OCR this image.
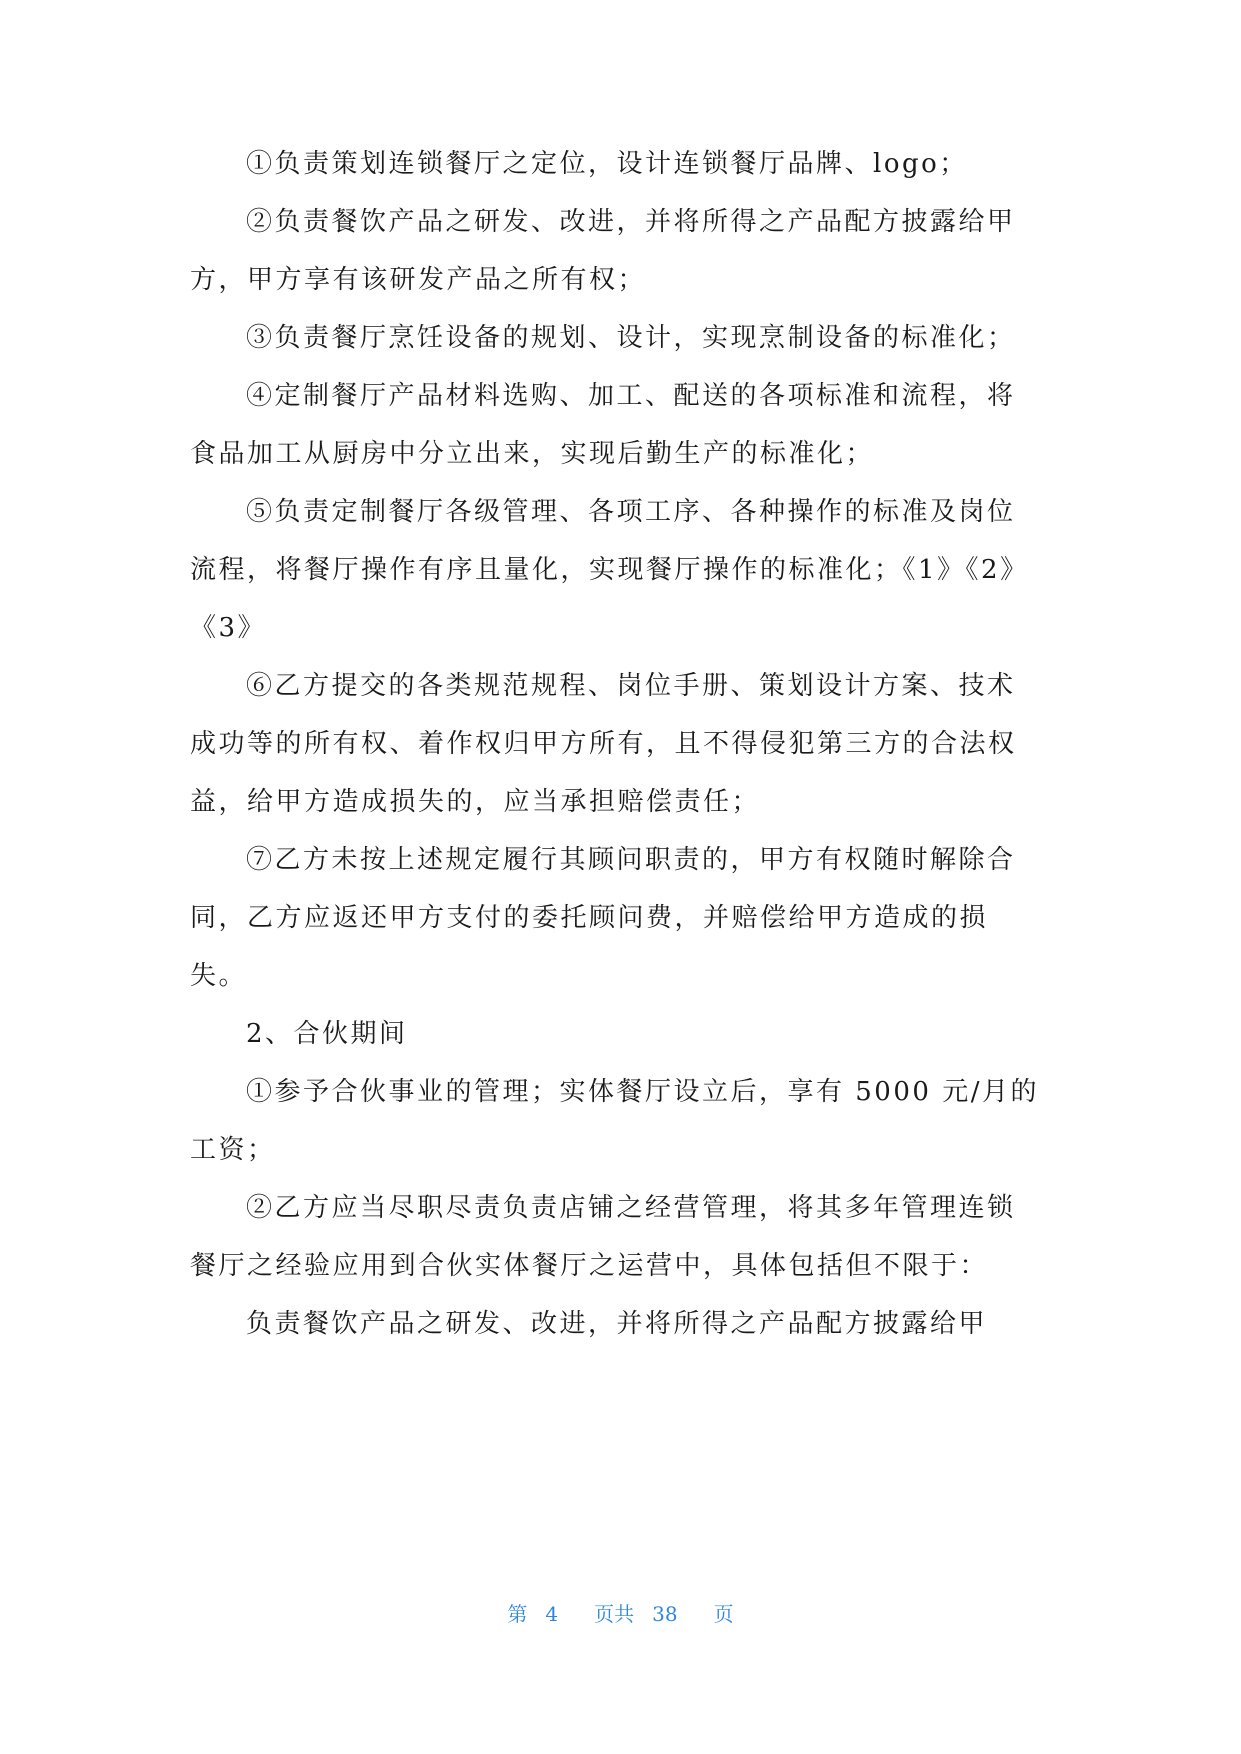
①负责策划连锁餐厅之定位，设计连锁餐厅品牌、logo；
②负责餐饮产品之研发、改进，并将所得之产品配方披露给甲
方，甲方享有该研发产品之所有权；
③负责餐厅烹饪设备的规划、设计，实现烹制设备的标准化；
④定制餐厅产品材料选购、加工、配送的各项标准和流程，将
食品加工从厨房中分立出来，实现后勤生产的标准化；
⑤负责定制餐厅各级管理、各项工序、各种操作的标准及岗位
流程，将餐厅操作有序且量化，实现餐厅操作的标准化；《1》《2》
《3》
⑥乙方提交的各类规范规程、岗位手册、策划设计方案、技术
成功等的所有权、着作权归甲方所有，且不得侵犯第三方的合法权
益，给甲方造成损失的，应当承担赔偿责任；
⑦乙方未按上述规定履行其顾问职责的，甲方有权随时解除合
同，乙方应返还甲方支付的委托顾问费，并赔偿给甲方造成的损
失。
2、合伙期间
①参予合伙事业的管理；实体餐厅设立后，享有 5000 元/月的
工资；
②乙方应当尽职尽责负责店铺之经营管理，将其多年管理连锁
餐厅之经验应用到合伙实体餐厅之运营中，具体包括但不限于：
负责餐饮产品之研发、改进，并将所得之产品配方披露给甲
第 4 页共 38 页
